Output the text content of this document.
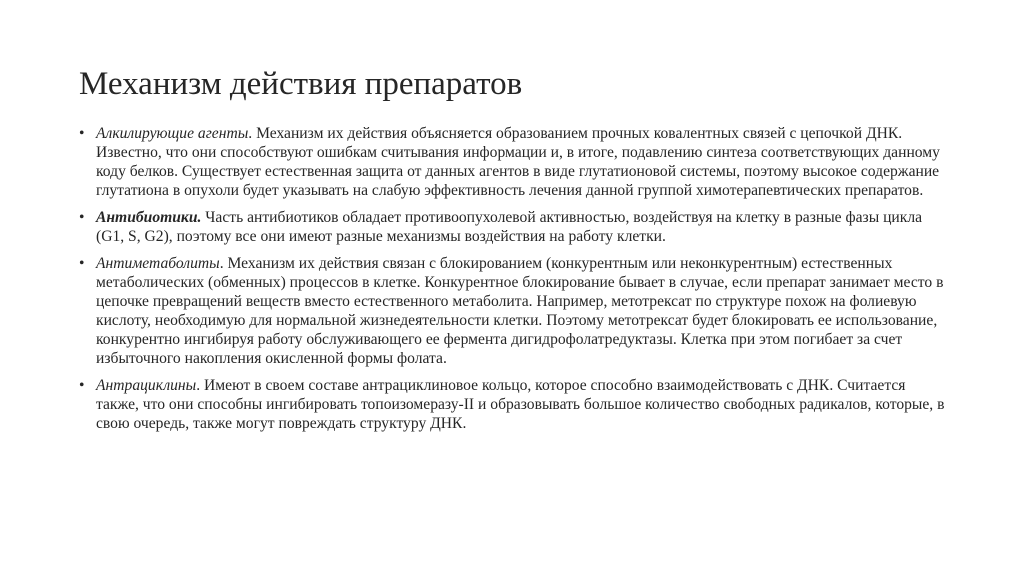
Механизм действия препаратов
• Алкилирующие агенты. Механизм их действия объясняется образованием прочных ковалентных связей с цепочкой ДНК. Известно, что они способствуют ошибкам считывания информации и, в итоге, подавлению синтеза соответствующих данному коду белков. Существует естественная защита от данных агентов в виде глутатионовой системы, поэтому высокое содержание глутатиона в опухоли будет указывать на слабую эффективность лечения данной группой химотерапевтических препаратов.
• Антибиотики. Часть антибиотиков обладает противоопухолевой активностью, воздействуя на клетку в разные фазы цикла (G1, S, G2), поэтому все они имеют разные механизмы воздействия на работу клетки.
• Антиметаболиты. Механизм их действия связан с блокированием (конкурентным или неконкурентным) естественных метаболических (обменных) процессов в клетке. Конкурентное блокирование бывает в случае, если препарат занимает место в цепочке превращений веществ вместо естественного метаболита. Например, метотрексат по структуре похож на фолиевую кислоту, необходимую для нормальной жизнедеятельности клетки. Поэтому метотрексат будет блокировать ее использование, конкурентно ингибируя работу обслуживающего ее фермента дигидрофолатредуктазы. Клетка при этом погибает за счет избыточного накопления окисленной формы фолата.
• Антрациклины. Имеют в своем составе антрациклиновое кольцо, которое способно взаимодействовать с ДНК. Считается также, что они способны ингибировать топоизомеразу-II и образовывать большое количество свободных радикалов, которые, в свою очередь, также могут повреждать структуру ДНК.
